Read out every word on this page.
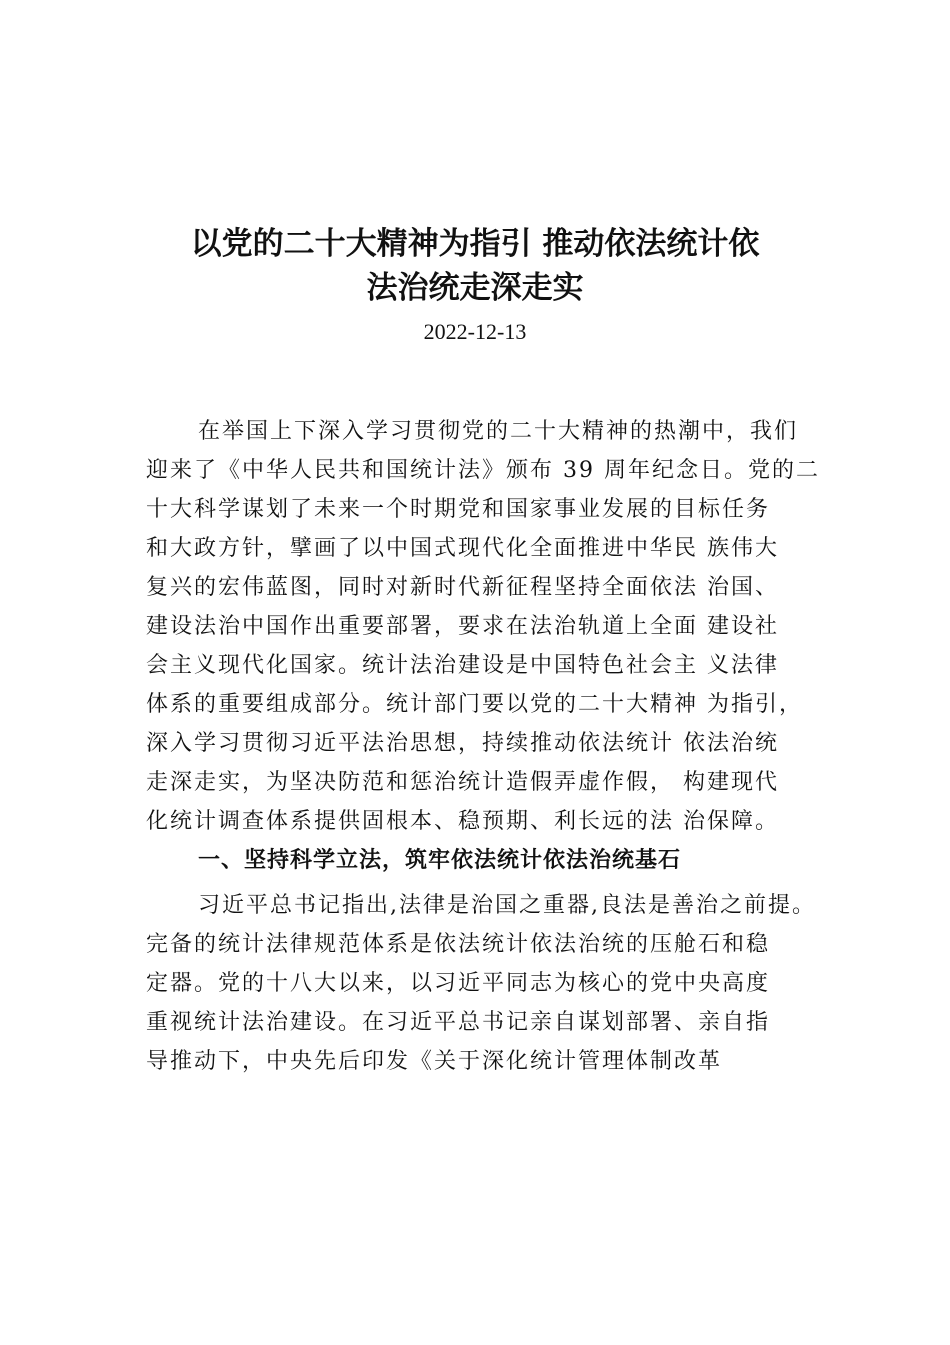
以党的二十大精神为指引 推动依法统计依
法治统走深走实
2022-12-13
在举国上下深入学习贯彻党的二十大精神的热潮中，我们
迎来了《中华人民共和国统计法》颁布 39 周年纪念日。党的二
十大科学谋划了未来一个时期党和国家事业发展的目标任务
和大政方针，擘画了以中国式现代化全面推进中华民 族伟大
复兴的宏伟蓝图，同时对新时代新征程坚持全面依法 治国、
建设法治中国作出重要部署，要求在法治轨道上全面 建设社
会主义现代化国家。统计法治建设是中国特色社会主 义法律
体系的重要组成部分。统计部门要以党的二十大精神 为指引，
深入学习贯彻习近平法治思想，持续推动依法统计 依法治统
走深走实，为坚决防范和惩治统计造假弄虚作假， 构建现代
化统计调查体系提供固根本、稳预期、利长远的法 治保障。
一、坚持科学立法，筑牢依法统计依法治统基石
习近平总书记指出,法律是治国之重器,良法是善治之前提。
完备的统计法律规范体系是依法统计依法治统的压舱石和稳
定器。党的十八大以来，以习近平同志为核心的党中央高度
重视统计法治建设。在习近平总书记亲自谋划部署、亲自指
导推动下，中央先后印发《关于深化统计管理体制改革
